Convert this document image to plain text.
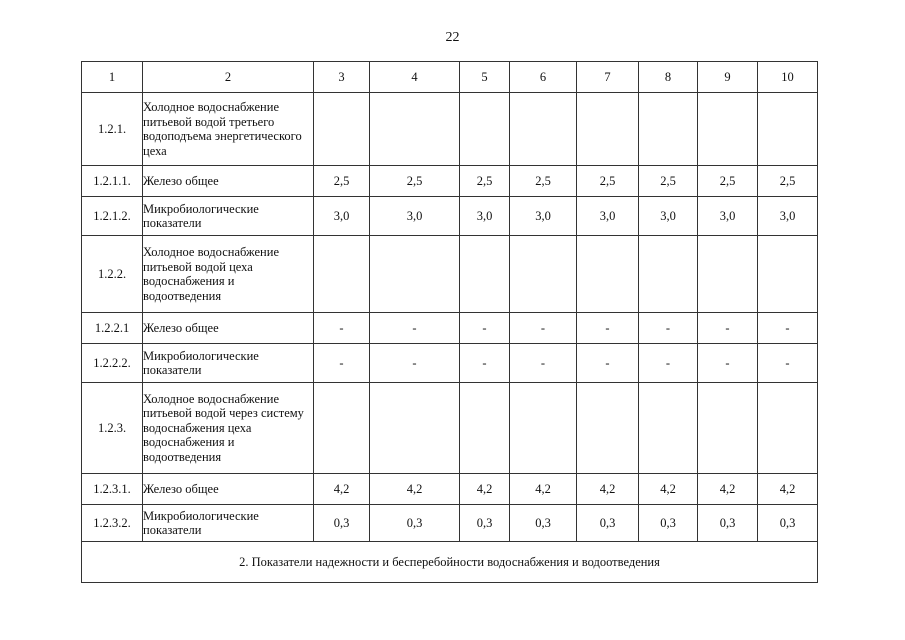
22
1	2	3	4	5	6	7	8	9	10
1.2.1.	Холодное водоснабжение питьевой водой третьего водоподъема энергетического цеха								
1.2.1.1.	Железо общее	2,5	2,5	2,5	2,5	2,5	2,5	2,5	2,5
1.2.1.2.	Микробиологические показатели	3,0	3,0	3,0	3,0	3,0	3,0	3,0	3,0
1.2.2.	Холодное водоснабжение питьевой водой цеха водоснабжения и водоотведения								
1.2.2.1	Железо общее	-	-	-	-	-	-	-	-
1.2.2.2.	Микробиологические показатели	-	-	-	-	-	-	-	-
1.2.3.	Холодное водоснабжение питьевой водой через систему водоснабжения цеха водоснабжения и водоотведения								
1.2.3.1.	Железо общее	4,2	4,2	4,2	4,2	4,2	4,2	4,2	4,2
1.2.3.2.	Микробиологические показатели	0,3	0,3	0,3	0,3	0,3	0,3	0,3	0,3
2. Показатели надежности и бесперебойности водоснабжения и водоотведения									
